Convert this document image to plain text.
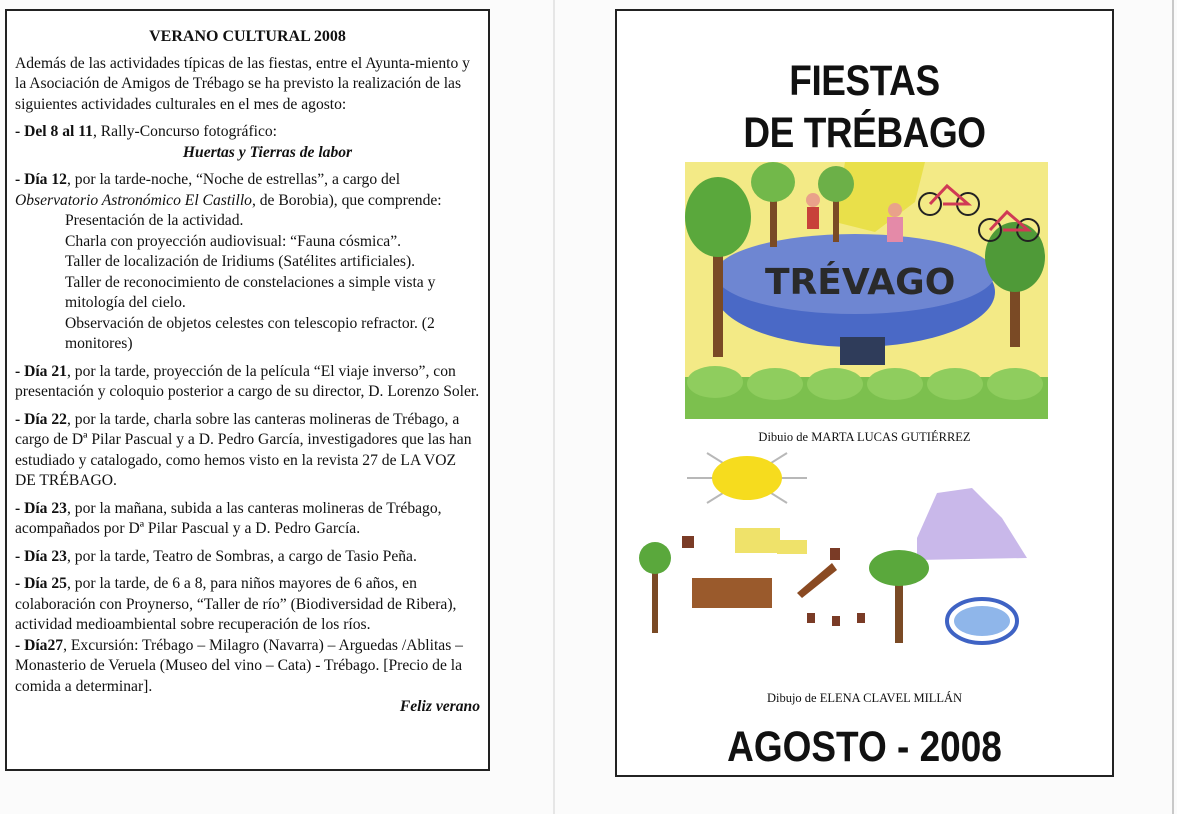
VERANO CULTURAL 2008

Además de las actividades típicas de las fiestas, entre el Ayunta-miento y la Asociación de Amigos de Trébago se ha previsto la realización de las siguientes actividades culturales en el mes de agosto:

- Del 8 al 11, Rally-Concurso fotográfico:
Huertas y Tierras de labor
- Día 12, por la tarde-noche, “Noche de estrellas”, a cargo del Observatorio Astronómico El Castillo, de Borobia), que comprende:
Presentación de la actividad.
Charla con proyección audiovisual: “Fauna cósmica”.
Taller de localización de Iridiums (Satélites artificiales).
Taller de reconocimiento de constelaciones a simple vista y mitología del cielo.
Observación de objetos celestes con telescopio refractor. (2 monitores)
- Día 21, por la tarde, proyección de la película “El viaje inverso”, con presentación y coloquio posterior a cargo de su director, D. Lorenzo Soler.
- Día 22, por la tarde, charla sobre las canteras molineras de Trébago, a cargo de Dª Pilar Pascual y a D. Pedro García, investigadores que las han estudiado y catalogado, como hemos visto en la revista 27 de LA VOZ DE TRÉBAGO.
- Día 23, por la mañana, subida a las canteras molineras de Trébago, acompañados por Dª Pilar Pascual y a D. Pedro García.
- Día 23, por la tarde, Teatro de Sombras, a cargo de Tasio Peña.
- Día 25, por la tarde, de 6 a 8, para niños mayores de 6 años, en colaboración con Proynerso, “Taller de río” (Biodiversidad de Ribera), actividad medioambiental sobre recuperación de los ríos.
- Día27, Excursión: Trébago – Milagro (Navarra) – Arguedas /Ablitas – Monasterio de Veruela (Museo del vino – Cata) - Trébago. [Precio de la comida a determinar].
Feliz verano
FIESTAS
DE TRÉBAGO
TRÉVAGO
Dibuio de MARTA LUCAS GUTIÉRREZ
Dibujo de ELENA CLAVEL MILLÁN
AGOSTO - 2008
